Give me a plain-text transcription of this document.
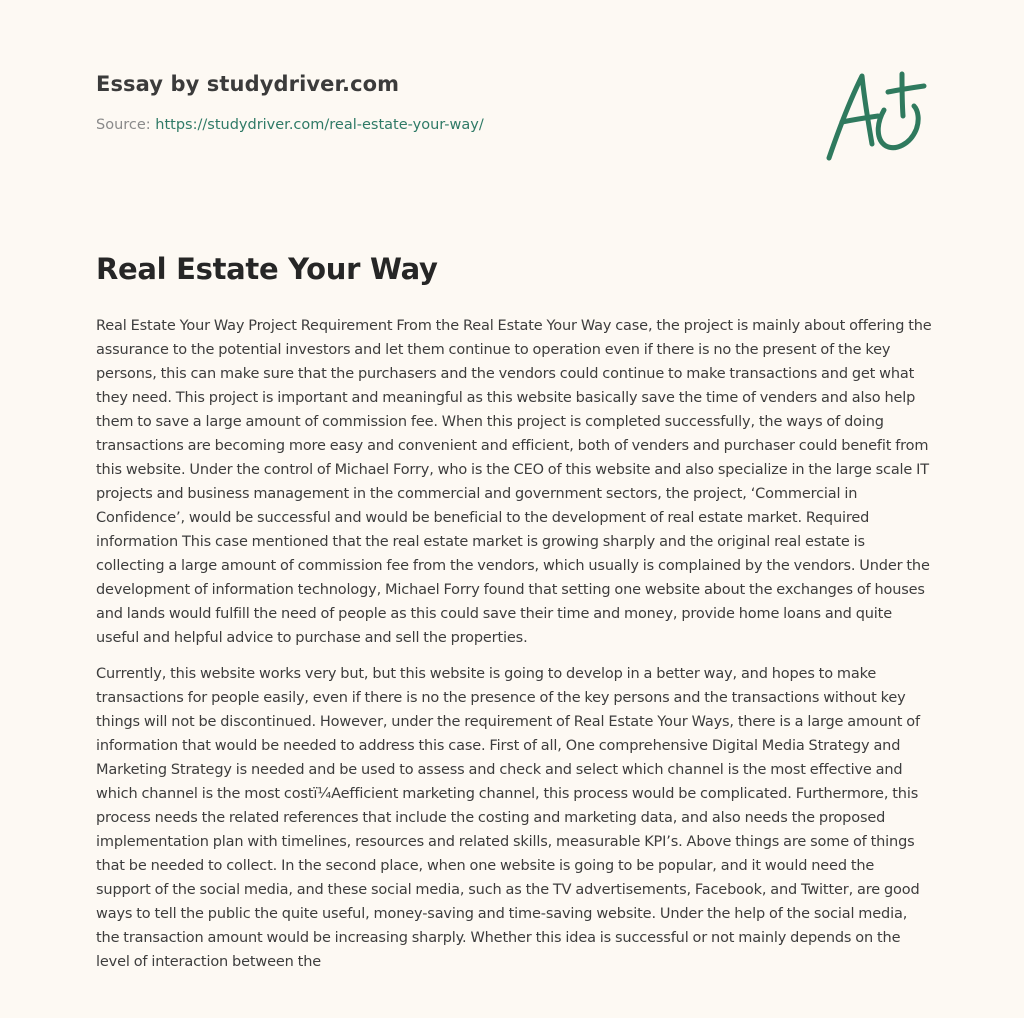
Essay by studydriver.com
Source: https://studydriver.com/real-estate-your-way/
Real Estate Your Way

Real Estate Your Way Project Requirement From the Real Estate Your Way case, the project is mainly about offering the assurance to the potential investors and let them continue to operation even if there is no the present of the key persons, this can make sure that the purchasers and the vendors could continue to make transactions and get what they need. This project is important and meaningful as this website basically save the time of venders and also help them to save a large amount of commission fee. When this project is completed successfully, the ways of doing transactions are becoming more easy and convenient and efficient, both of venders and purchaser could benefit from this website. Under the control of Michael Forry, who is the CEO of this website and also specialize in the large scale IT projects and business management in the commercial and government sectors, the project, ‘Commercial in Confidence’, would be successful and would be beneficial to the development of real estate market. Required information This case mentioned that the real estate market is growing sharply and the original real estate is collecting a large amount of commission fee from the vendors, which usually is complained by the vendors. Under the development of information technology, Michael Forry found that setting one website about the exchanges of houses and lands would fulfill the need of people as this could save their time and money, provide home loans and quite useful and helpful advice to purchase and sell the properties.

Currently, this website works very but, but this website is going to develop in a better way, and hopes to make transactions for people easily, even if there is no the presence of the key persons and the transactions without key things will not be discontinued. However, under the requirement of Real Estate Your Ways, there is a large amount of information that would be needed to address this case. First of all, One comprehensive Digital Media Strategy and Marketing Strategy is needed and be used to assess and check and select which channel is the most effective and which channel is the most costï¼Aefficient marketing channel, this process would be complicated. Furthermore, this process needs the related references that include the costing and marketing data, and also needs the proposed implementation plan with timelines, resources and related skills, measurable KPI’s. Above things are some of things that be needed to collect. In the second place, when one website is going to be popular, and it would need the support of the social media, and these social media, such as the TV advertisements, Facebook, and Twitter, are good ways to tell the public the quite useful, money-saving and time-saving website. Under the help of the social media, the transaction amount would be increasing sharply. Whether this idea is successful or not mainly depends on the level of interaction between the
